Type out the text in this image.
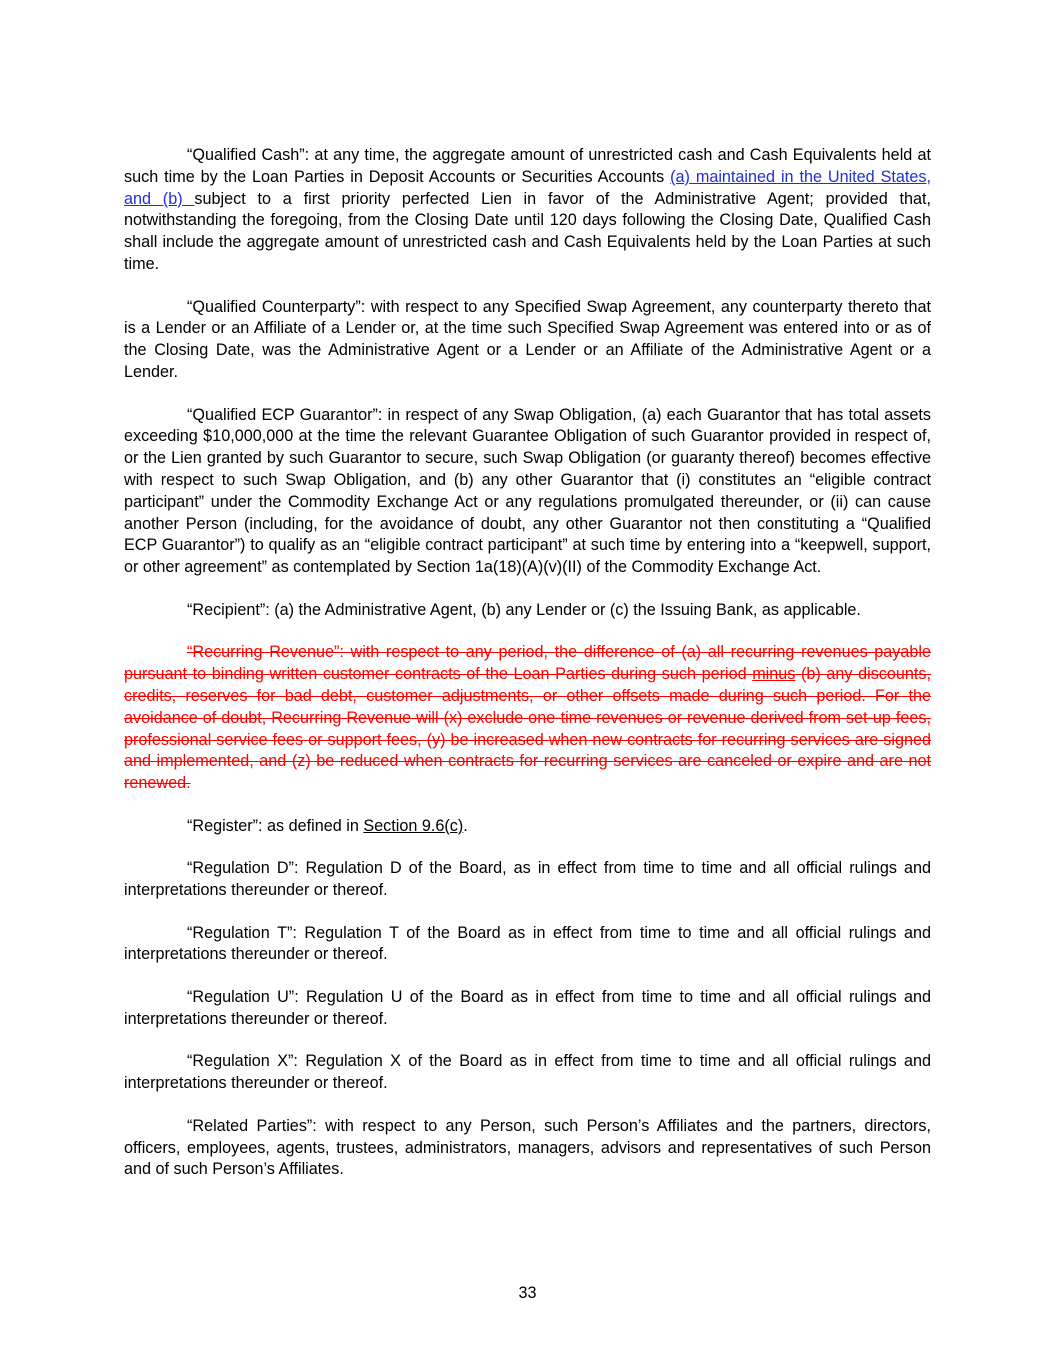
“Qualified Cash”: at any time, the aggregate amount of unrestricted cash and Cash Equivalents held at such time by the Loan Parties in Deposit Accounts or Securities Accounts (a) maintained in the United States, and (b) subject to a first priority perfected Lien in favor of the Administrative Agent; provided that, notwithstanding the foregoing, from the Closing Date until 120 days following the Closing Date, Qualified Cash shall include the aggregate amount of unrestricted cash and Cash Equivalents held by the Loan Parties at such time.

“Qualified Counterparty”: with respect to any Specified Swap Agreement, any counterparty thereto that is a Lender or an Affiliate of a Lender or, at the time such Specified Swap Agreement was entered into or as of the Closing Date, was the Administrative Agent or a Lender or an Affiliate of the Administrative Agent or a Lender.

“Qualified ECP Guarantor”: in respect of any Swap Obligation, (a) each Guarantor that has total assets exceeding $10,000,000 at the time the relevant Guarantee Obligation of such Guarantor provided in respect of, or the Lien granted by such Guarantor to secure, such Swap Obligation (or guaranty thereof) becomes effective with respect to such Swap Obligation, and (b) any other Guarantor that (i) constitutes an “eligible contract participant” under the Commodity Exchange Act or any regulations promulgated thereunder, or (ii) can cause another Person (including, for the avoidance of doubt, any other Guarantor not then constituting a “Qualified ECP Guarantor”) to qualify as an “eligible contract participant” at such time by entering into a “keepwell, support, or other agreement” as contemplated by Section 1a(18)(A)(v)(II) of the Commodity Exchange Act.

“Recipient”: (a) the Administrative Agent, (b) any Lender or (c) the Issuing Bank, as applicable.

“Recurring Revenue”: with respect to any period, the difference of (a) all recurring revenues payable pursuant to binding written customer contracts of the Loan Parties during such period minus (b) any discounts, credits, reserves for bad debt, customer adjustments, or other offsets made during such period. For the avoidance of doubt, Recurring Revenue will (x) exclude one-time revenues or revenue derived from set-up fees, professional service fees or support fees, (y) be increased when new contracts for recurring services are signed and implemented, and (z) be reduced when contracts for recurring services are canceled or expire and are not renewed.

“Register”: as defined in Section 9.6(c).

“Regulation D”: Regulation D of the Board, as in effect from time to time and all official rulings and interpretations thereunder or thereof.

“Regulation T”: Regulation T of the Board as in effect from time to time and all official rulings and interpretations thereunder or thereof.

“Regulation U”: Regulation U of the Board as in effect from time to time and all official rulings and interpretations thereunder or thereof.

“Regulation X”: Regulation X of the Board as in effect from time to time and all official rulings and interpretations thereunder or thereof.

“Related Parties”: with respect to any Person, such Person’s Affiliates and the partners, directors, officers, employees, agents, trustees, administrators, managers, advisors and representatives of such Person and of such Person’s Affiliates.

33
